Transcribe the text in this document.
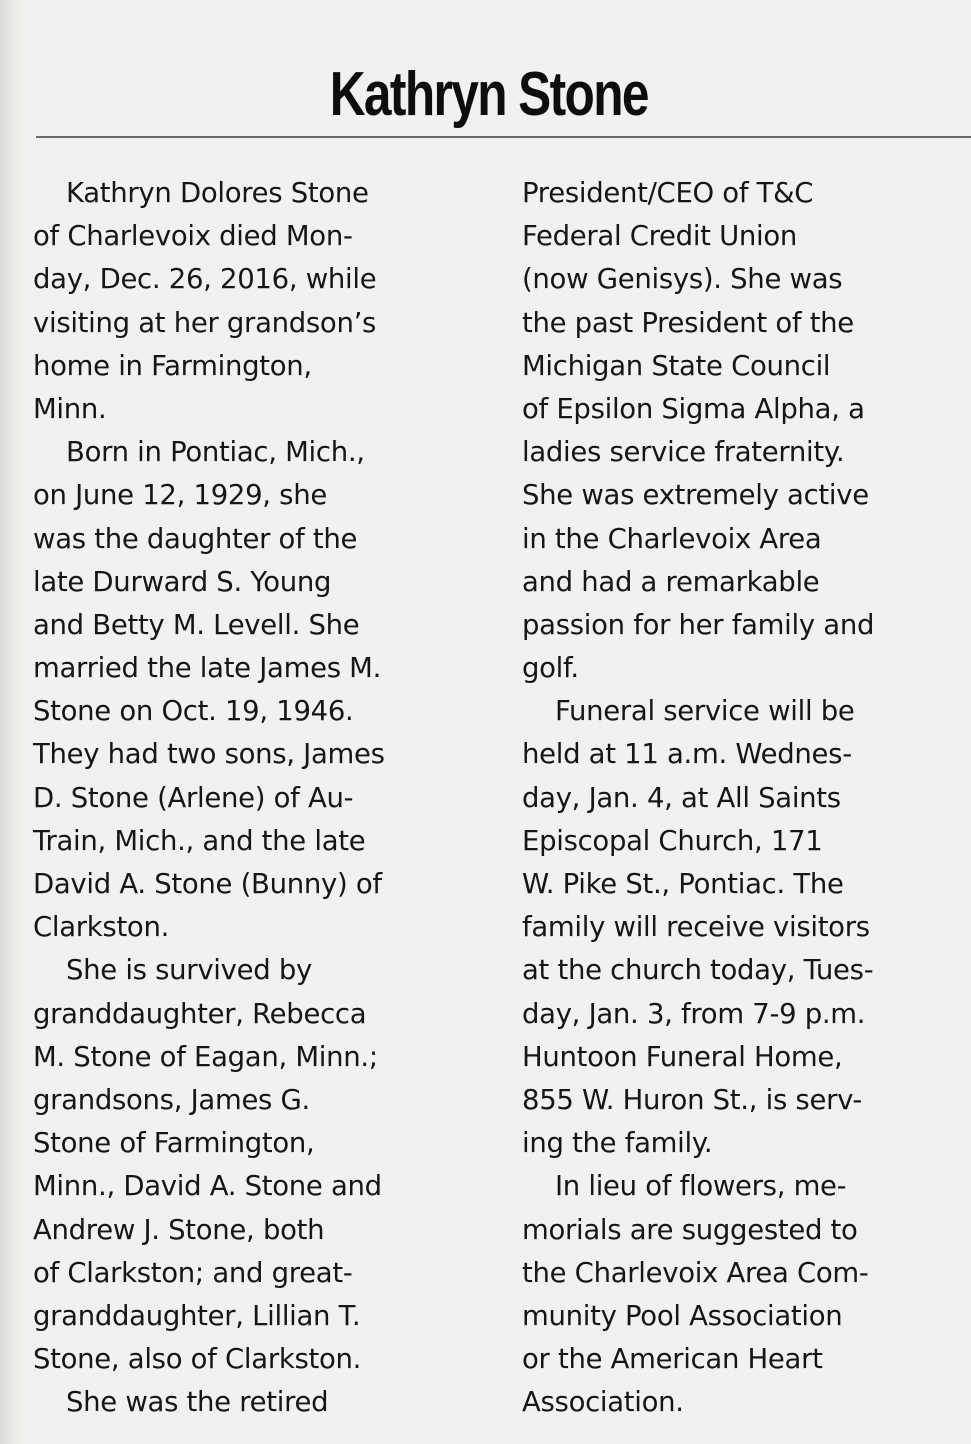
Kathryn Stone
Kathryn Dolores Stone
of Charlevoix died Mon-
day, Dec. 26, 2016, while
visiting at her grandson’s
home in Farmington,
Minn.
Born in Pontiac, Mich.,
on June 12, 1929, she
was the daughter of the
late Durward S. Young
and Betty M. Levell. She
married the late James M.
Stone on Oct. 19, 1946.
They had two sons, James
D. Stone (Arlene) of Au-
Train, Mich., and the late
David A. Stone (Bunny) of
Clarkston.
She is survived by
granddaughter, Rebecca
M. Stone of Eagan, Minn.;
grandsons, James G.
Stone of Farmington,
Minn., David A. Stone and
Andrew J. Stone, both
of Clarkston; and great-
granddaughter, Lillian T.
Stone, also of Clarkston.
She was the retired
President/CEO of T&C
Federal Credit Union
(now Genisys). She was
the past President of the
Michigan State Council
of Epsilon Sigma Alpha, a
ladies service fraternity.
She was extremely active
in the Charlevoix Area
and had a remarkable
passion for her family and
golf.
Funeral service will be
held at 11 a.m. Wednes-
day, Jan. 4, at All Saints
Episcopal Church, 171
W. Pike St., Pontiac. The
family will receive visitors
at the church today, Tues-
day, Jan. 3, from 7-9 p.m.
Huntoon Funeral Home,
855 W. Huron St., is serv-
ing the family.
In lieu of flowers, me-
morials are suggested to
the Charlevoix Area Com-
munity Pool Association
or the American Heart
Association.
